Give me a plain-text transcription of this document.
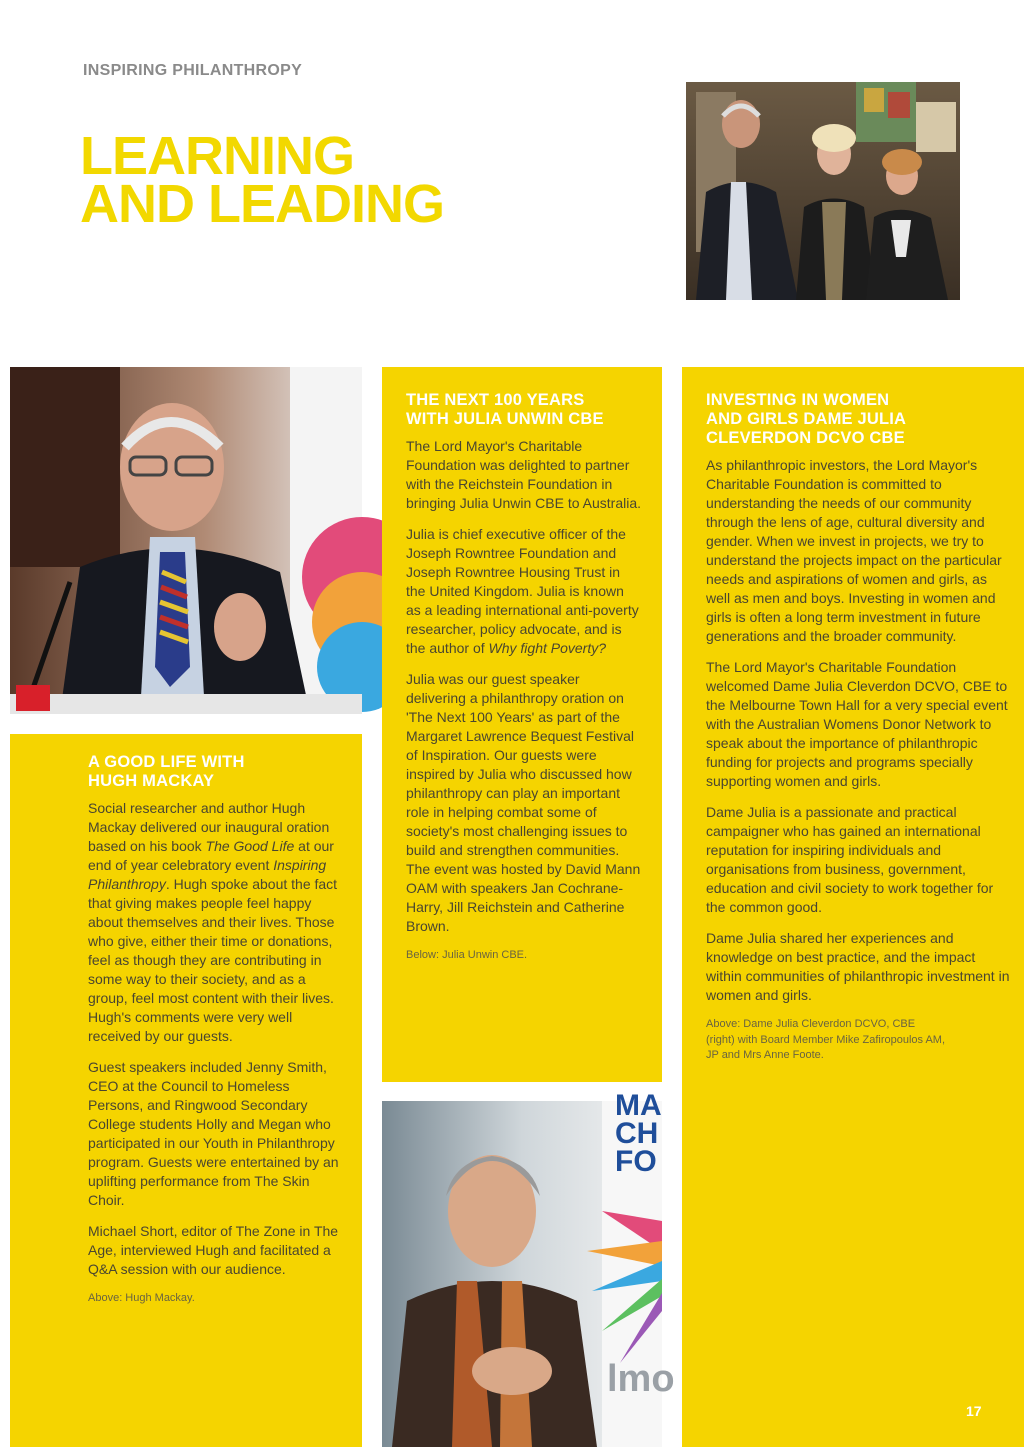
INSPIRING PHILANTHROPY
LEARNING
AND LEADING
A GOOD LIFE WITH
HUGH MACKAY

Social researcher and author Hugh Mackay delivered our inaugural oration based on his book The Good Life at our end of year celebratory event Inspiring Philanthropy. Hugh spoke about the fact that giving makes people feel happy about themselves and their lives. Those who give, either their time or donations, feel as though they are contributing in some way to their society, and as a group, feel most content with their lives. Hugh's comments were very well received by our guests.

Guest speakers included Jenny Smith, CEO at the Council to Homeless Persons, and Ringwood Secondary College students Holly and Megan who participated in our Youth in Philanthropy program. Guests were entertained by an uplifting performance from The Skin Choir.

Michael Short, editor of The Zone in The Age, interviewed Hugh and facilitated a Q&A session with our audience.

Above: Hugh Mackay.

THE NEXT 100 YEARS
WITH JULIA UNWIN CBE

The Lord Mayor's Charitable Foundation was delighted to partner with the Reichstein Foundation in bringing Julia Unwin CBE to Australia.

Julia is chief executive officer of the Joseph Rowntree Foundation and Joseph Rowntree Housing Trust in the United Kingdom. Julia is known as a leading international anti-poverty researcher, policy advocate, and is the author of Why fight Poverty?

Julia was our guest speaker delivering a philanthropy oration on 'The Next 100 Years' as part of the Margaret Lawrence Bequest Festival of Inspiration. Our guests were inspired by Julia who discussed how philanthropy can play an important role in helping combat some of society's most challenging issues to build and strengthen communities. The event was hosted by David Mann OAM with speakers Jan Cochrane-Harry, Jill Reichstein and Catherine Brown.

Below: Julia Unwin CBE.

MA
CH
FO
lmo
INVESTING IN WOMEN
AND GIRLS DAME JULIA
CLEVERDON DCVO CBE

As philanthropic investors, the Lord Mayor's Charitable Foundation is committed to understanding the needs of our community through the lens of age, cultural diversity and gender. When we invest in projects, we try to understand the projects impact on the particular needs and aspirations of women and girls, as well as men and boys. Investing in women and girls is often a long term investment in future generations and the broader community.

The Lord Mayor's Charitable Foundation welcomed Dame Julia Cleverdon DCVO, CBE to the Melbourne Town Hall for a very special event with the Australian Womens Donor Network to speak about the importance of philanthropic funding for projects and programs specially supporting women and girls.

Dame Julia is a passionate and practical campaigner who has gained an international reputation for inspiring individuals and organisations from business, government, education and civil society to work together for the common good.

Dame Julia shared her experiences and knowledge on best practice, and the impact within communities of philanthropic investment in women and girls.

Above: Dame Julia Cleverdon DCVO, CBE (right) with Board Member Mike Zafiropoulos AM, JP and Mrs Anne Foote.

17
